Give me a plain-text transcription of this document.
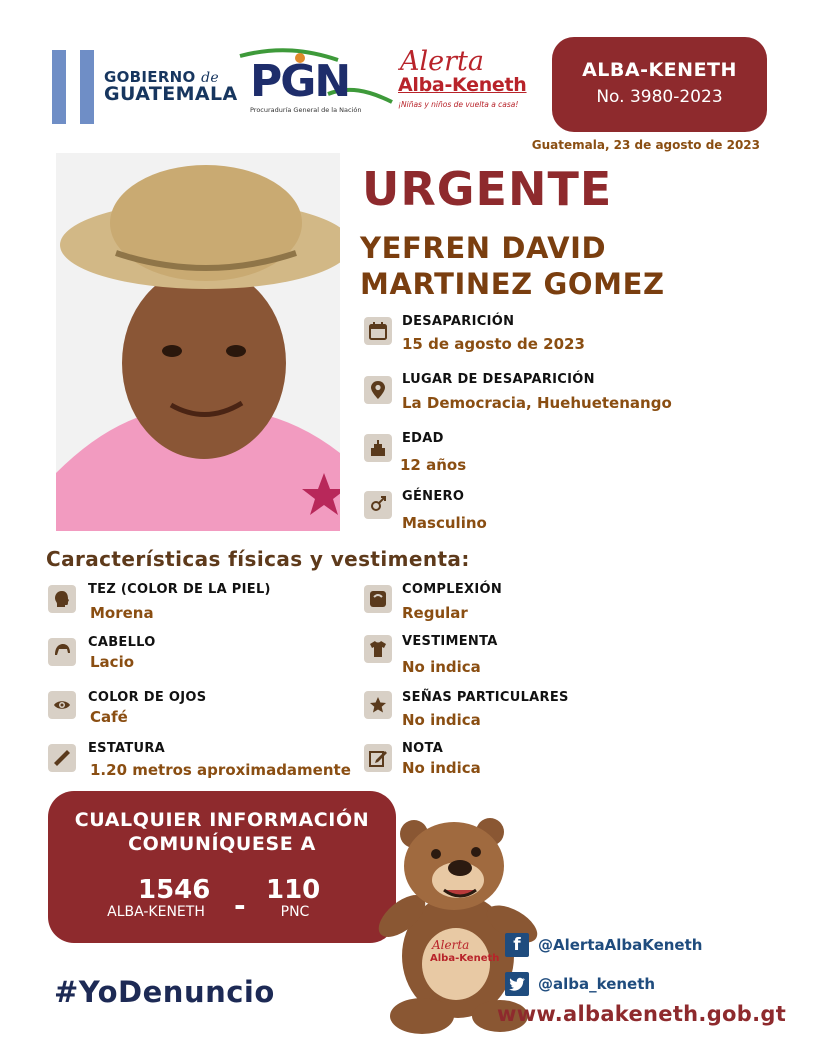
GOBIERNO de
GUATEMALA PGN
Procuraduría General de la Nación
Alerta
Alba-Keneth
¡Niñas y niños de vuelta a casa!
ALBA-KENETH
No. 3980-2023
Guatemala, 23 de agosto de 2023
URGENTE
YEFREN DAVID
MARTINEZ GOMEZ
DESAPARICIÓN
15 de agosto de 2023
LUGAR DE DESAPARICIÓN
La Democracia, Huehuetenango
EDAD
12 años
GÉNERO
Masculino
Características físicas y vestimenta:
TEZ (COLOR DE LA PIEL)
Morena
CABELLO
Lacio
COLOR DE OJOS
Café
ESTATURA
1.20 metros aproximadamente
COMPLEXIÓN
Regular
VESTIMENTA
No indica
SEÑAS PARTICULARES
No indica
NOTA
No indica
CUALQUIER INFORMACIÓN
COMUNÍQUESE A
1546
ALBA-KENETH	- 110
PNC
#YoDenuncio
Alerta
Alba-Keneth
f	@AlertaAlbaKeneth
@alba_keneth
www.albakeneth.gob.gt
